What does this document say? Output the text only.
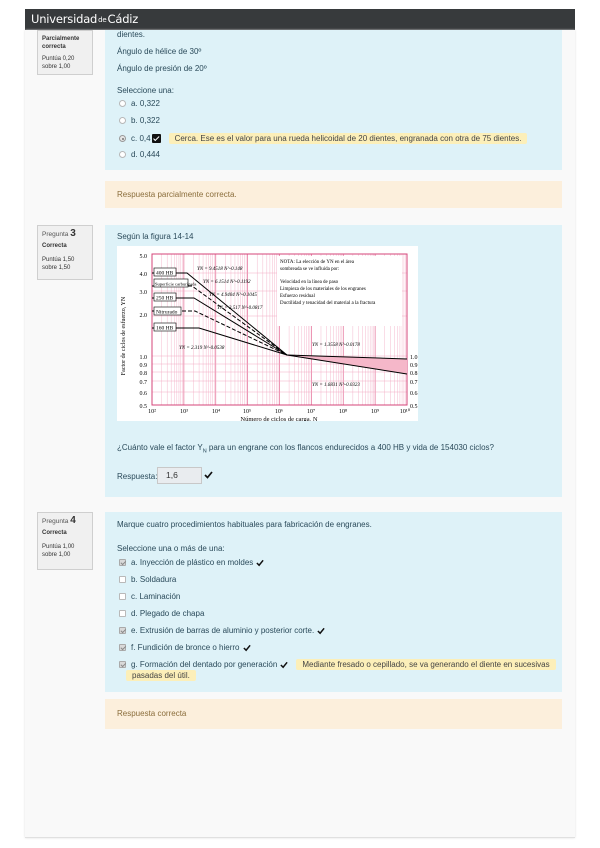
UniversidaddeCádiz
Parcialmente correcta
Puntúa 0,20
sobre 1,00
dientes.
Ángulo de hélice de 30º
Ángulo de presión de 20º
Seleccione una:
a. 0,322
b. 0,322
c. 0,4	Cerca. Ese es el valor para una rueda helicoidal de 20 dientes, engranada con otra de 75 dientes.
d. 0,444
Respuesta parcialmente correcta.
Pregunta 3
Correcta
Puntúa 1,50
sobre 1,50
Según la figura 14-14
5.0
4.0
3.0
2.0
1.0
0.9
0.8
0.7
0.6
0.5
1.0
0.9
0.8
0.7
0.6
0.5
10²	10³	10⁴	10⁵	10⁶	10⁷	10⁸	10⁹	10¹⁰
Número de ciclos de carga, N
Factor de ciclos de esfuerzo, YN
400 HB
Superficie carburizada
250 HB
Nitrurado
160 HB
YN = 9.4518 N^-0.148
YN = 6.1514 N^-0.1192
YN = 4.9404 N^-0.1045
YN = 3.517 N^-0.0817
YN = 2.319 N^-0.0538
YN = 1.3558 N^-0.0178
YN = 1.6831 N^-0.0323
NOTA: La elección de YN en el área
sombreada se ve influida por:
Velocidad en la línea de paso
Limpieza de los materiales de los engranes
Esfuerzo residual
Ductilidad y tenacidad del material a la fractura
¿Cuánto vale el factor $Y_N$ para un engrane con los flancos endurecidos a 400 HB y vida de 154030 ciclos?
Respuesta:	1,6
Pregunta 4
Correcta
Puntúa 1,00
sobre 1,00
Marque cuatro procedimientos habituales para fabricación de engranes.
Seleccione una o más de una:
a. Inyección de plástico en moldes
b. Soldadura
c. Laminación
d. Plegado de chapa
e. Extrusión de barras de aluminio y posterior corte.
f. Fundición de bronce o hierro
g. Formación del dentado por generación	Mediante fresado o cepillado, se va generando el diente en sucesivas
pasadas del útil.
Respuesta correcta
